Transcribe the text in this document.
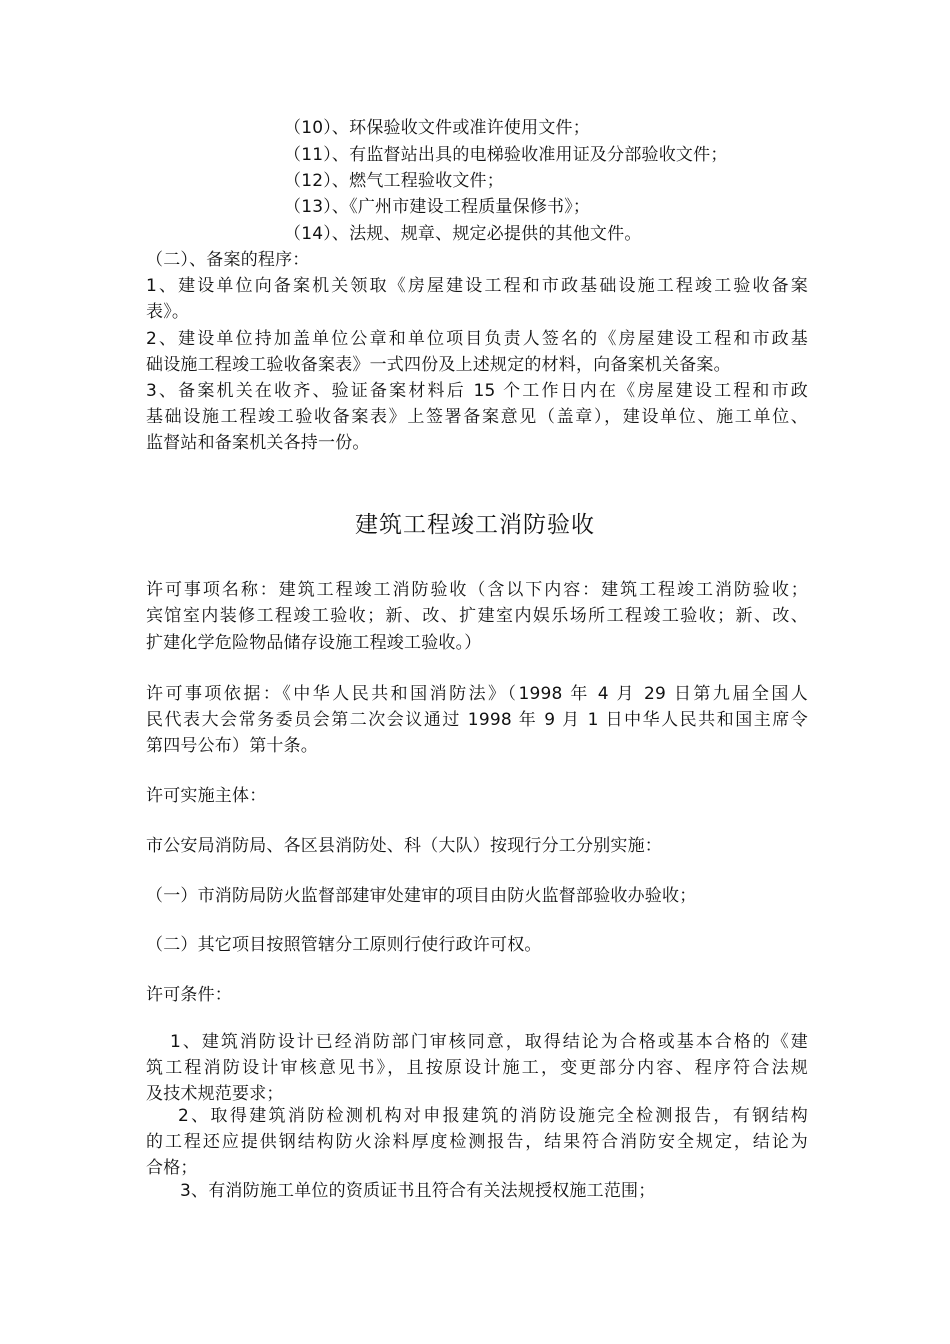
（10）、环保验收文件或准许使用文件；
（11）、有监督站出具的电梯验收准用证及分部验收文件；
（12）、燃气工程验收文件；
（13）、《广州市建设工程质量保修书》；
（14）、法规、规章、规定必提供的其他文件。
（二）、备案的程序：
1、建设单位向备案机关领取《房屋建设工程和市政基础设施工程竣工验收备案
表》。
2、建设单位持加盖单位公章和单位项目负责人签名的《房屋建设工程和市政基
础设施工程竣工验收备案表》一式四份及上述规定的材料，向备案机关备案。
3、备案机关在收齐、验证备案材料后 15 个工作日内在《房屋建设工程和市政
基础设施工程竣工验收备案表》上签署备案意见（盖章），建设单位、施工单位、
监督站和备案机关各持一份。
建筑工程竣工消防验收
许可事项名称：建筑工程竣工消防验收（含以下内容：建筑工程竣工消防验收；
宾馆室内装修工程竣工验收；新、改、扩建室内娱乐场所工程竣工验收；新、改、
扩建化学危险物品储存设施工程竣工验收。）
许可事项依据：《中华人民共和国消防法》（1998 年 4 月 29 日第九届全国人
民代表大会常务委员会第二次会议通过 1998 年 9 月 1 日中华人民共和国主席令
第四号公布）第十条。
许可实施主体：
市公安局消防局、各区县消防处、科（大队）按现行分工分别实施：
（一）市消防局防火监督部建审处建审的项目由防火监督部验收办验收；
（二）其它项目按照管辖分工原则行使行政许可权。
许可条件：
1、建筑消防设计已经消防部门审核同意，取得结论为合格或基本合格的《建
筑工程消防设计审核意见书》，且按原设计施工，变更部分内容、程序符合法规
及技术规范要求；
2、取得建筑消防检测机构对申报建筑的消防设施完全检测报告，有钢结构
的工程还应提供钢结构防火涂料厚度检测报告，结果符合消防安全规定，结论为
合格；
3、有消防施工单位的资质证书且符合有关法规授权施工范围；
